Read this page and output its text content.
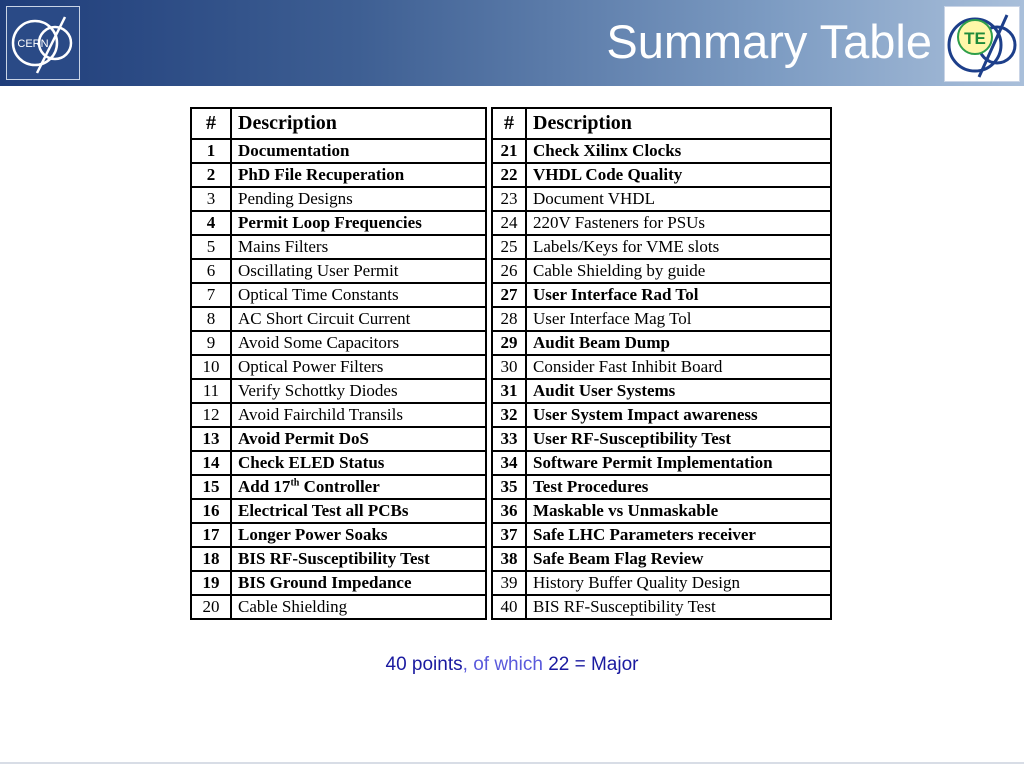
CERN	Summary Table TE
#	Description		#	Description
1	Documentation		21	Check Xilinx Clocks
2	PhD File Recuperation		22	VHDL Code Quality
3	Pending Designs		23	Document VHDL
4	Permit Loop Frequencies		24	220V Fasteners for PSUs
5	Mains Filters		25	Labels/Keys for VME slots
6	Oscillating User Permit		26	Cable Shielding by guide
7	Optical Time Constants		27	User Interface Rad Tol
8	AC Short Circuit Current		28	User Interface Mag Tol
9	Avoid Some Capacitors		29	Audit Beam Dump
10	Optical Power Filters		30	Consider Fast Inhibit Board
11	Verify Schottky Diodes		31	Audit User Systems
12	Avoid Fairchild Transils		32	User System Impact awareness
13	Avoid Permit DoS		33	User RF-Susceptibility Test
14	Check ELED Status		34	Software Permit Implementation
15	Add 17th Controller		35	Test Procedures
16	Electrical Test all PCBs		36	Maskable vs Unmaskable
17	Longer Power Soaks		37	Safe LHC Parameters receiver
18	BIS RF-Susceptibility Test		38	Safe Beam Flag Review
19	BIS Ground Impedance		39	History Buffer Quality Design
20	Cable Shielding		40	BIS RF-Susceptibility Test
40 points, of which 22 = Major
